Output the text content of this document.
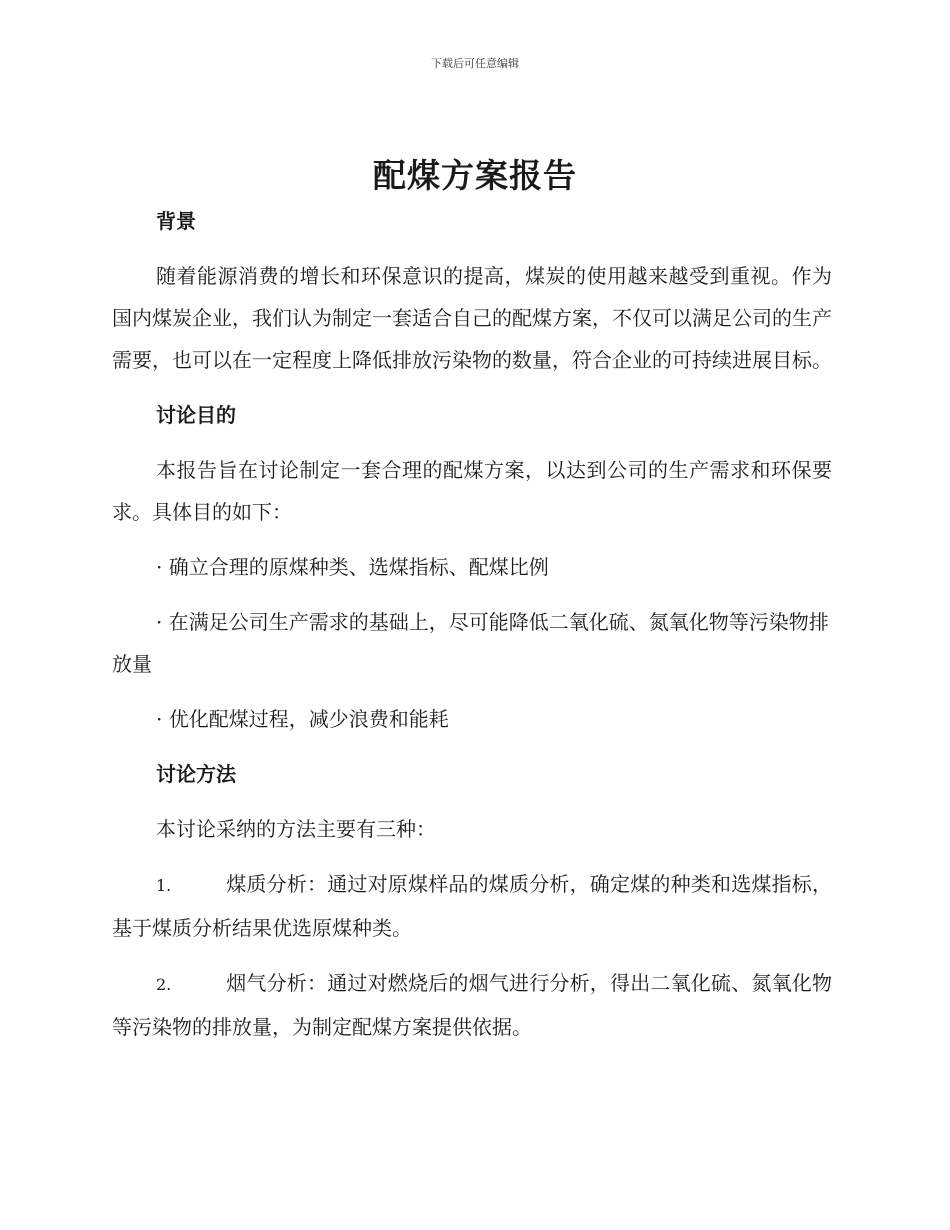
下载后可任意编辑
配煤方案报告
背景

随着能源消费的增长和环保意识的提高，煤炭的使用越来越受到重视。作为国内煤炭企业，我们认为制定一套适合自己的配煤方案，不仅可以满足公司的生产需要，也可以在一定程度上降低排放污染物的数量，符合企业的可持续进展目标。

讨论目的

本报告旨在讨论制定一套合理的配煤方案，以达到公司的生产需求和环保要求。具体目的如下：

· 确立合理的原煤种类、选煤指标、配煤比例

· 在满足公司生产需求的基础上，尽可能降低二氧化硫、氮氧化物等污染物排放量

· 优化配煤过程，减少浪费和能耗

讨论方法

本讨论采纳的方法主要有三种：

1.	煤质分析：通过对原煤样品的煤质分析，确定煤的种类和选煤指标，基于煤质分析结果优选原煤种类。

2.	烟气分析：通过对燃烧后的烟气进行分析，得出二氧化硫、氮氧化物等污染物的排放量，为制定配煤方案提供依据。
